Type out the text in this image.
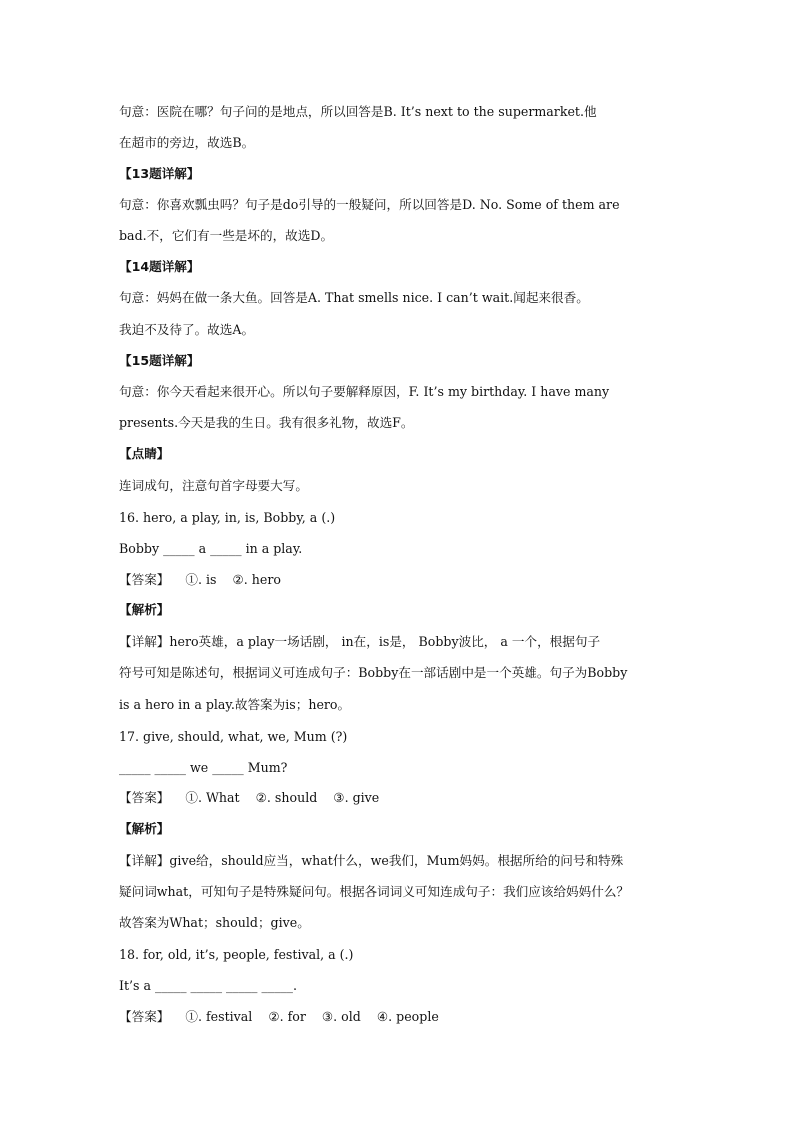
句意：医院在哪？句子问的是地点，所以回答是B. It’s next to the supermarket.他
在超市的旁边，故选B。
【13题详解】
句意：你喜欢瓢虫吗？句子是do引导的一般疑问，所以回答是D. No. Some of them are
bad.不，它们有一些是坏的，故选D。
【14题详解】
句意：妈妈在做一条大鱼。回答是A. That smells nice. I can’t wait.闻起来很香。
我迫不及待了。故选A。
【15题详解】
句意：你今天看起来很开心。所以句子要解释原因，F. It’s my birthday. I have many
presents.今天是我的生日。我有很多礼物，故选F。
【点睛】
连词成句，注意句首字母要大写。
16. hero, a play, in, is, Bobby, a (.)
Bobby _____ a _____ in a play.
【答案】    ①. is    ②. hero
【解析】
【详解】hero英雄，a play一场话剧， in在，is是， Bobby波比， a 一个，根据句子
符号可知是陈述句，根据词义可连成句子：Bobby在一部话剧中是一个英雄。句子为Bobby
is a hero in a play.故答案为is；hero。
17. give, should, what, we, Mum (?)
_____ _____ we _____ Mum?
【答案】    ①. What    ②. should    ③. give
【解析】
【详解】give给，should应当，what什么，we我们，Mum妈妈。根据所给的问号和特殊
疑问词what，可知句子是特殊疑问句。根据各词词义可知连成句子：我们应该给妈妈什么？
故答案为What；should；give。
18. for, old, it’s, people, festival, a (.)
It’s a _____ _____ _____ _____.
【答案】    ①. festival    ②. for    ③. old    ④. people
